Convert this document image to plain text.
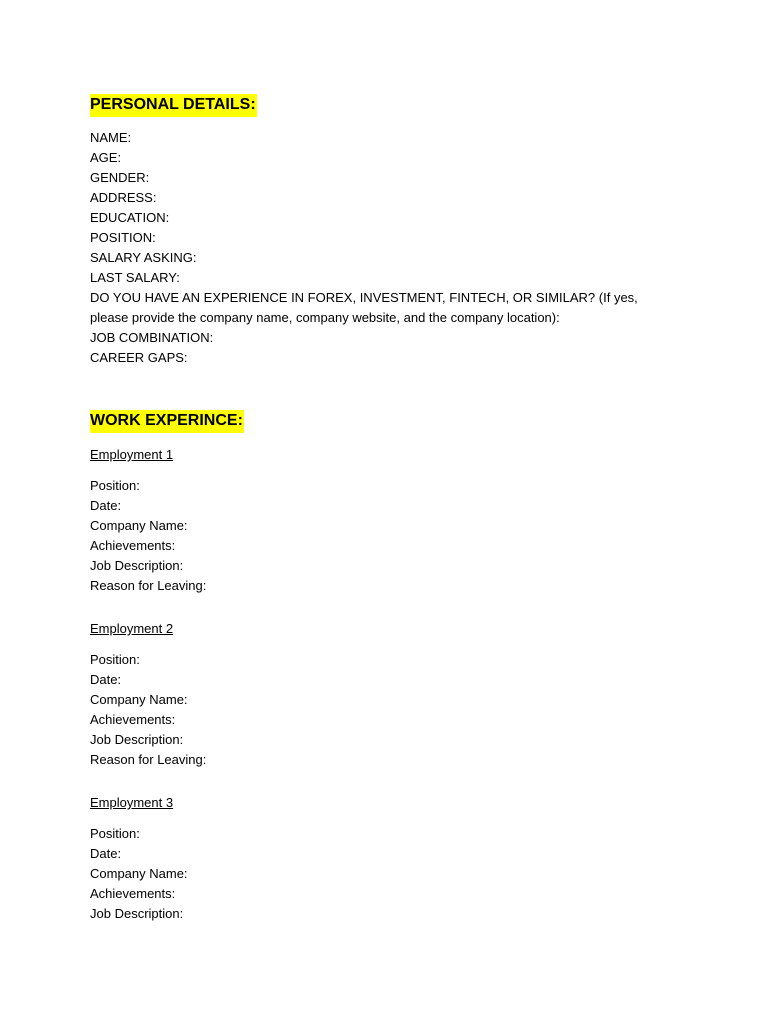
PERSONAL DETAILS:
NAME:
AGE:
GENDER:
ADDRESS:
EDUCATION:
POSITION:
SALARY ASKING:
LAST SALARY:
DO YOU HAVE AN EXPERIENCE IN FOREX, INVESTMENT, FINTECH, OR SIMILAR? (If yes, please provide the company name, company website, and the company location):
JOB COMBINATION:
CAREER GAPS:
WORK EXPERINCE:
Employment 1
Position:
Date:
Company Name:
Achievements:
Job Description:
Reason for Leaving:
Employment 2
Position:
Date:
Company Name:
Achievements:
Job Description:
Reason for Leaving:
Employment 3
Position:
Date:
Company Name:
Achievements:
Job Description:
